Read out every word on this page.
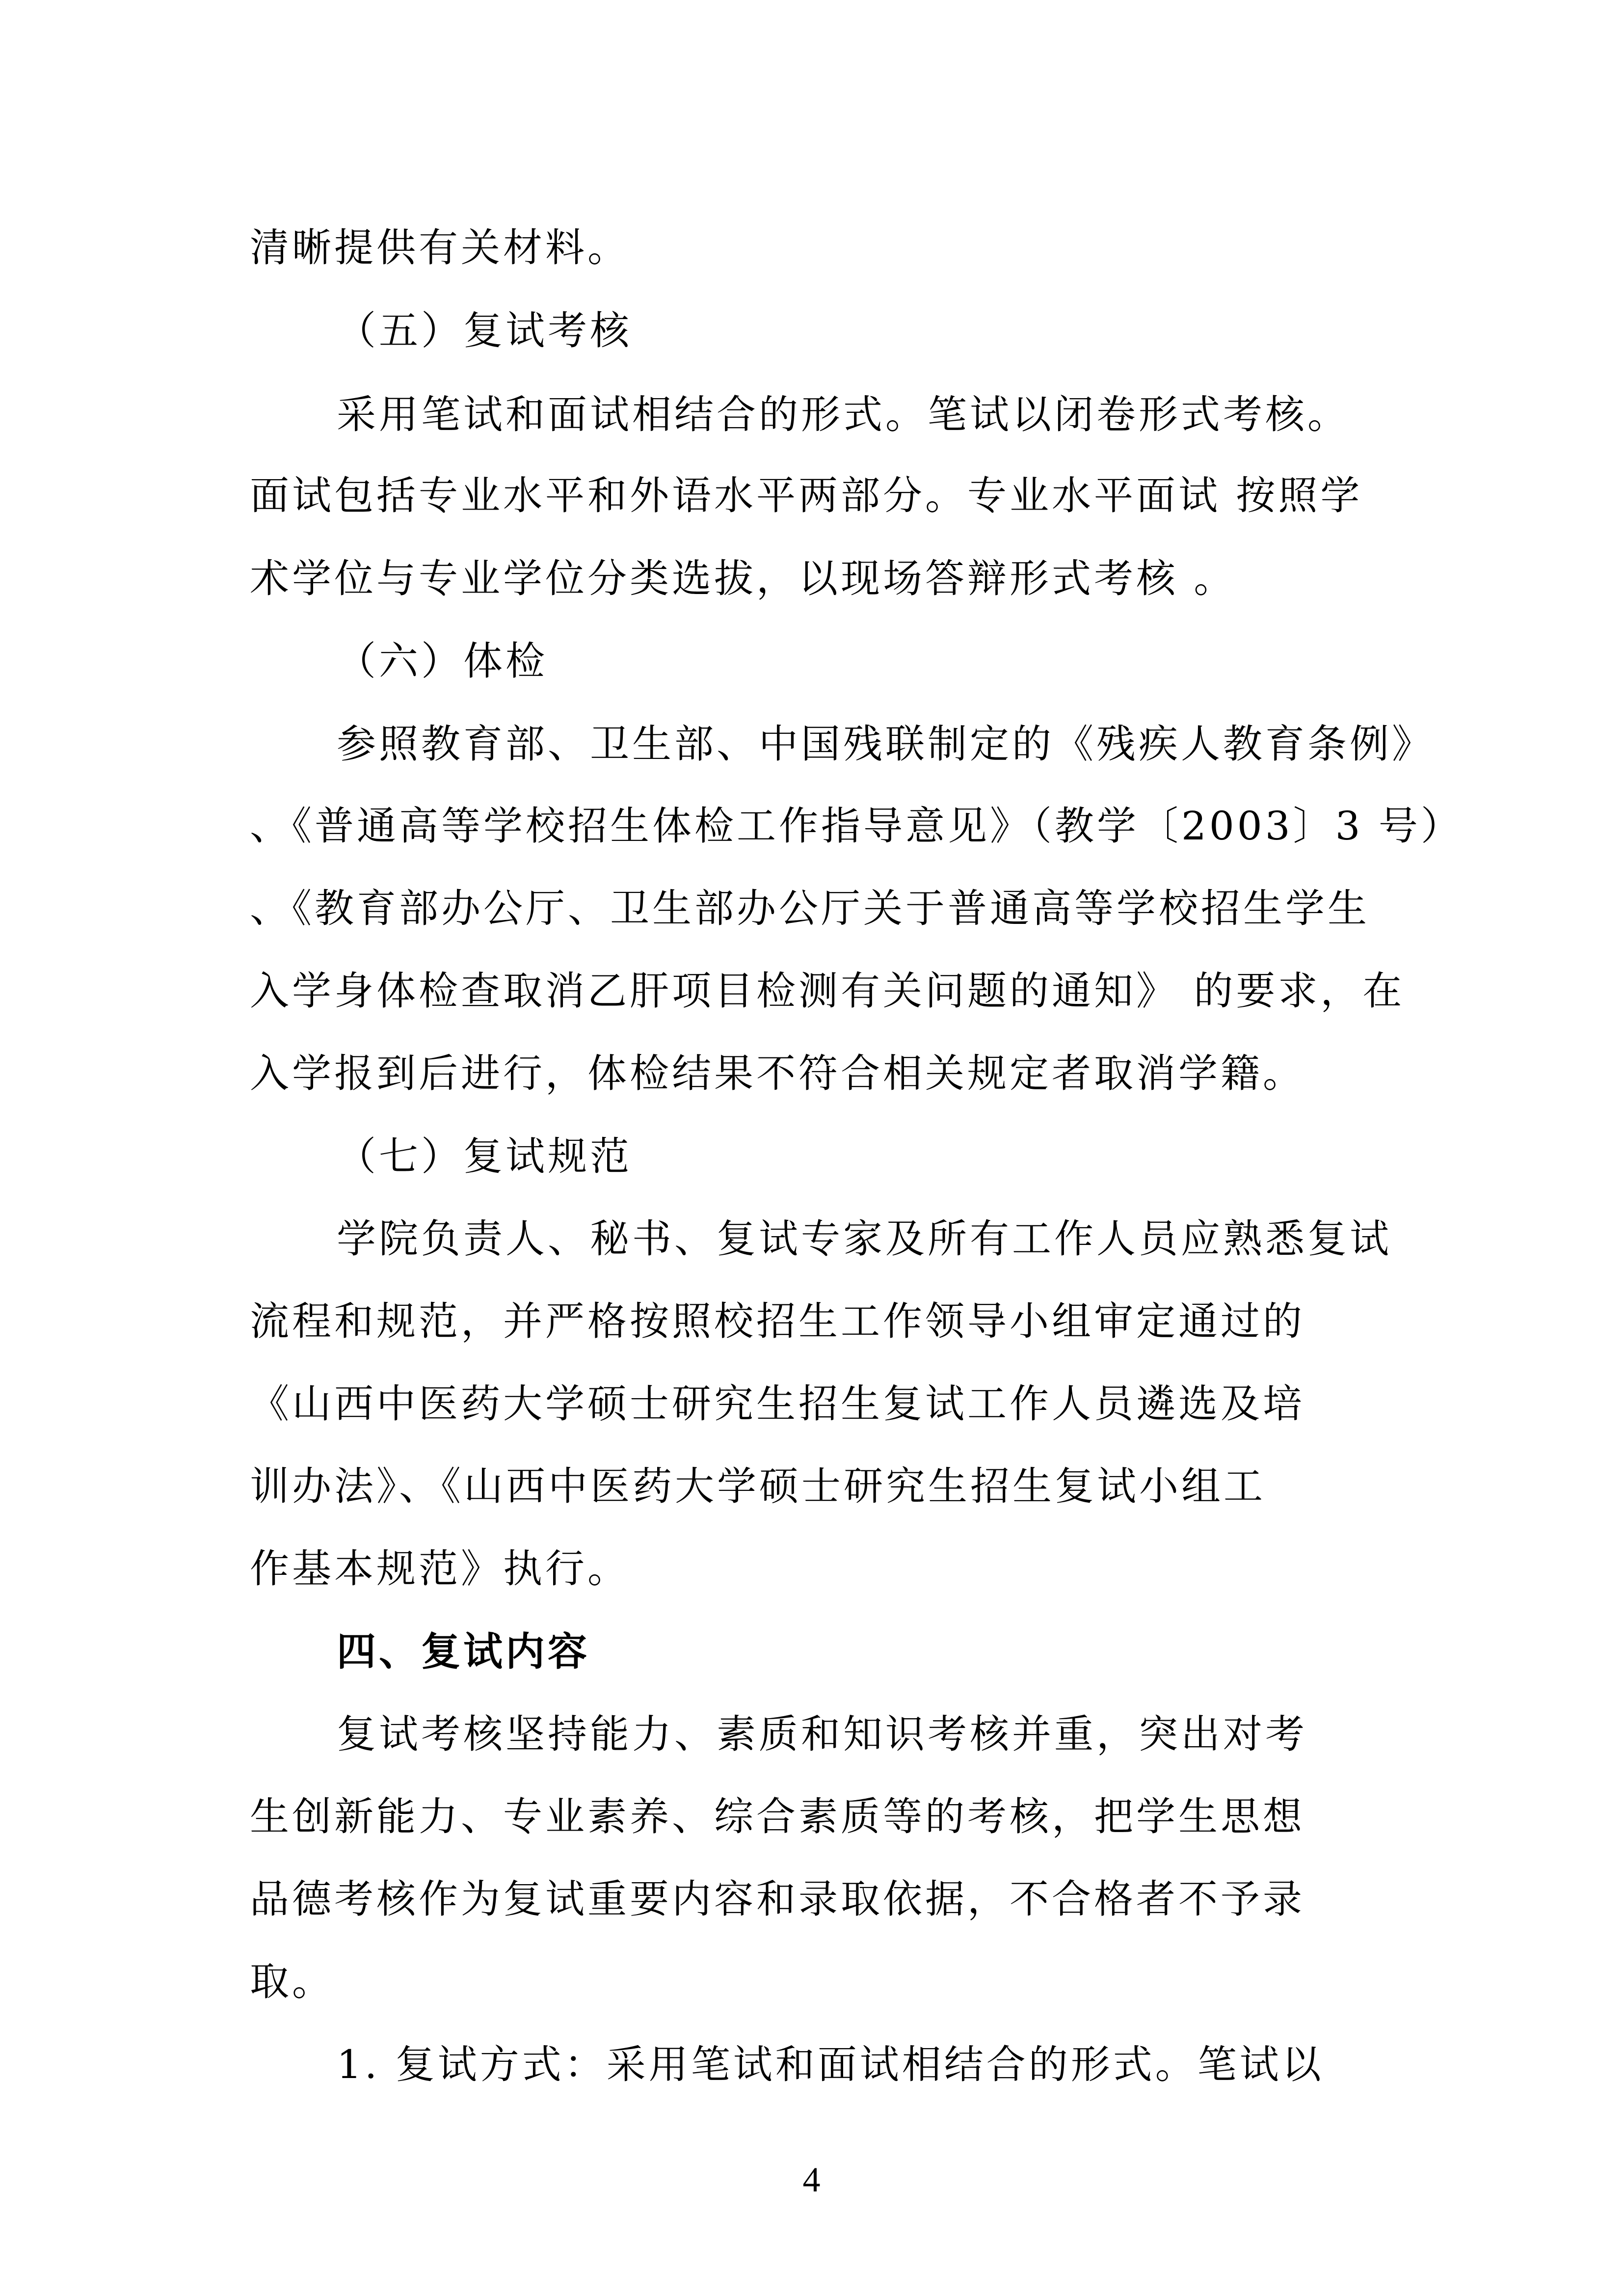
清晰提供有关材料。

（五）复试考核

采用笔试和面试相结合的形式。笔试以闭卷形式考核。

面试包括专业水平和外语水平两部分。专业水平面试 按照学

术学位与专业学位分类选拔，以现场答辩形式考核 。

（六）体检

参照教育部、卫生部、中国残联制定的《残疾人教育条例》

、《普通高等学校招生体检工作指导意见》（教学〔2003〕3 号）

、《教育部办公厅、卫生部办公厅关于普通高等学校招生学生

入学身体检查取消乙肝项目检测有关问题的通知》 的要求，在

入学报到后进行，体检结果不符合相关规定者取消学籍。

（七）复试规范

学院负责人、秘书、复试专家及所有工作人员应熟悉复试

流程和规范，并严格按照校招生工作领导小组审定通过的

《山西中医药大学硕士研究生招生复试工作人员遴选及培

训办法》、《山西中医药大学硕士研究生招生复试小组工

作基本规范》执行。

四、复试内容

复试考核坚持能力、素质和知识考核并重，突出对考

生创新能力、专业素养、综合素质等的考核，把学生思想

品德考核作为复试重要内容和录取依据，不合格者不予录

取。

1. 复试方式：采用笔试和面试相结合的形式。笔试以

4
